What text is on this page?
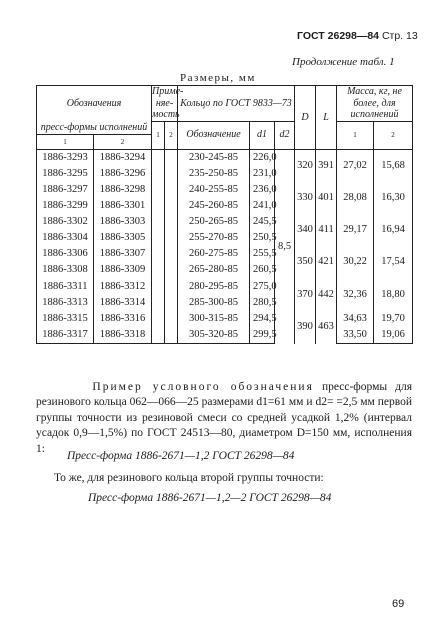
ГОСТ 26298—84 Стр. 13
Продолжение табл. 1
Размеры, мм
Обозначения		Приме-няе-мость		Кольцо по ГОСТ 9833—73			D	L	Масса, кг, не более, для исполнений	
пресс-формы исполнений		1	2	Обозначение	d1	d2			1	2
1	2									
1886-3293	1886-3294			230-245-85	226,0	8,5	320	391	27,02	15,68
1886-3295	1886-3296			235-250-85	231,0					
1886-3297	1886-3298			240-255-85	236,0		330	401	28,08	16,30
1886-3299	1886-3301			245-260-85	241,0					
1886-3302	1886-3303			250-265-85	245,5		340	411	29,17	16,94
1886-3304	1886-3305			255-270-85	250,5					
1886-3306	1886-3307			260-275-85	255,5		350	421	30,22	17,54
1886-3308	1886-3309			265-280-85	260,5					
1886-3311	1886-3312			280-295-85	275,0		370	442	32,36	18,80
1886-3313	1886-3314			285-300-85	280,5					
1886-3315	1886-3316			300-315-85	294,5		390	463	34,63	19,70
1886-3317	1886-3318			305-320-85	299,5				33,50	19,06
Пример условного обозначения пресс-формы для резинового кольца 062—066—25 размерами d1=61 мм и d2= =2,5 мм первой группы точности из резиновой смеси со средней усадкой 1,2% (интервал усадок 0,9—1,5%) по ГОСТ 24513—80, диаметром D=150 мм, исполнения 1:
Пресс-форма 1886-2671—1,2 ГОСТ 26298—84
То же, для резинового кольца второй группы точности:
Пресс-форма 1886-2671—1,2—2 ГОСТ 26298—84
69
